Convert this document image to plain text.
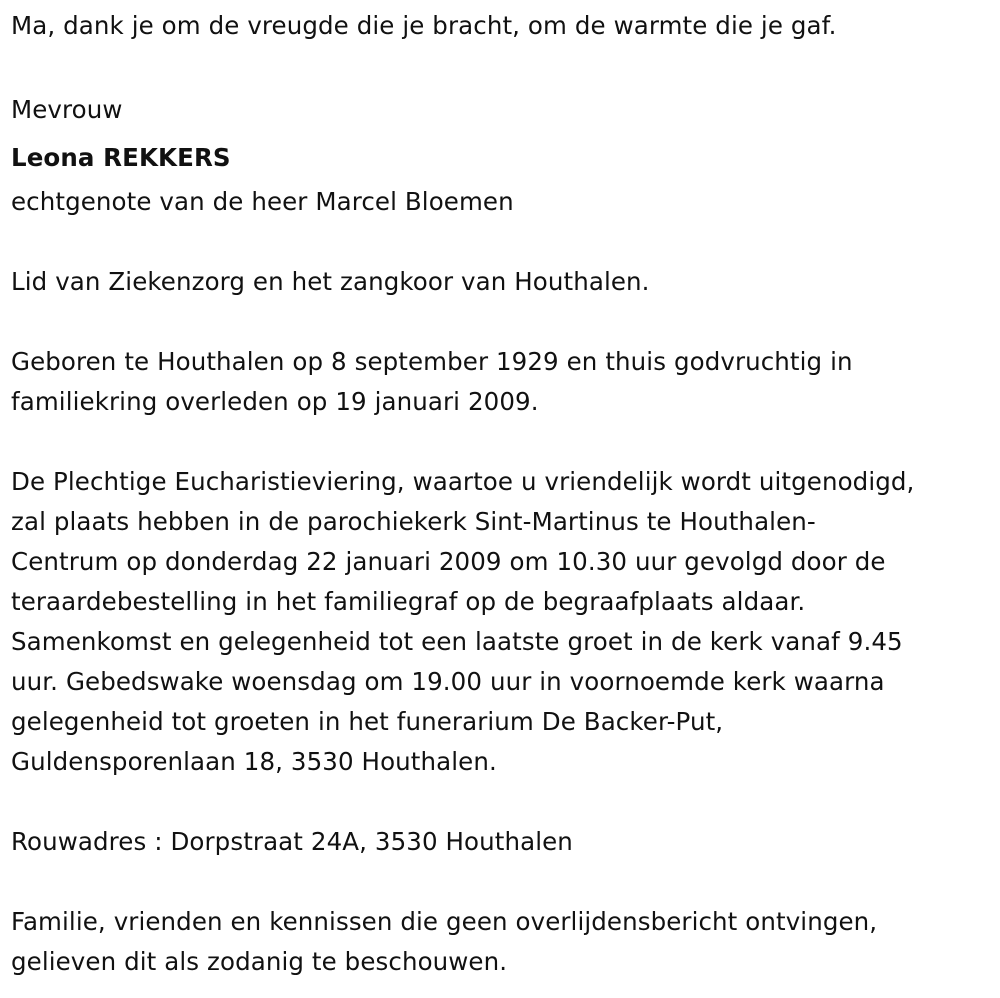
Ma, dank je om de vreugde die je bracht, om de warmte die je gaf.

Mevrouw

Leona REKKERS

echtgenote van de heer Marcel Bloemen

Lid van Ziekenzorg en het zangkoor van Houthalen.

Geboren te Houthalen op 8 september 1929 en thuis godvruchtig in

familiekring overleden op 19 januari 2009.

De Plechtige Eucharistieviering, waartoe u vriendelijk wordt uitgenodigd,

zal plaats hebben in de parochiekerk Sint-Martinus te Houthalen-

Centrum op donderdag 22 januari 2009 om 10.30 uur gevolgd door de

teraardebestelling in het familiegraf op de begraafplaats aldaar.

Samenkomst en gelegenheid tot een laatste groet in de kerk vanaf 9.45

uur. Gebedswake woensdag om 19.00 uur in voornoemde kerk waarna

gelegenheid tot groeten in het funerarium De Backer-Put,

Guldensporenlaan 18, 3530 Houthalen.

Rouwadres : Dorpstraat 24A, 3530 Houthalen

Familie, vrienden en kennissen die geen overlijdensbericht ontvingen,

gelieven dit als zodanig te beschouwen.
